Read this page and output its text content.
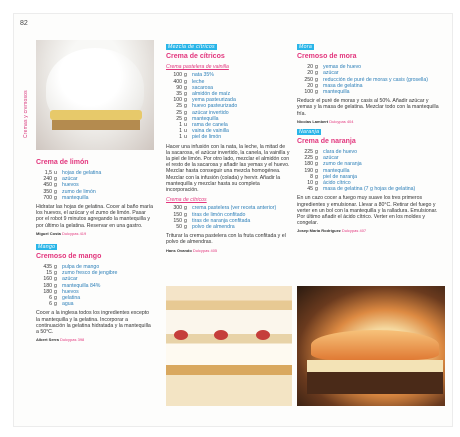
82
Cremas y cremosos
Crema de limón
1,5 u hojas de gelatina
240 g azúcar
450 g huevos
350 g zumo de limón
700 g mantequilla
Hidratar las hojas de gelatina. Cocer al baño maría los huevos, el azúcar y el zumo de limón. Pasar por el robot 9 minutos agregando la mantequilla y por último la gelatina. Reservar en una gastro.
Miguel Costa Dulcypas 419
Mango
Cremoso de mango
435 g pulpa de mango
15 g zumo fresco de jengibre
160 g azúcar
180 g mantequilla 84%
180 g huevos
6 g gelatina
6 g agua
Cocer a la inglesa todos los ingredientes excepto la mantequilla y la gelatina. Incorporar a continuación la gelatina hidratada y la mantequilla a 50°C.
Albert Serra Dulcypas 398
Mezcla de cítricos
Crema de cítricos
Crema pastelera de vainilla
100 g nata 35%
400 g leche
90 g sacarosa
35 g almidón de maíz
100 g yema pasteurizada
25 g huevo pasteurizado
25 g azúcar invertido
25 g mantequilla
1 u rama de canela
1 u vaina de vainilla
1 u piel de limón
Hacer una infusión con la nata, la leche, la mitad de la sacarosa, el azúcar invertido, la canela, la vainilla y la piel de limón. Por otro lado, mezclar el almidón con el resto de la sacarosa y añadir las yemas y el huevo. Mezclar hasta conseguir una mezcla homogénea. Mezclar con la infusión (colada) y hervir. Añadir la mantequilla y mezclar hasta su completa incorporación.
Crema de cítricos
300 g crema pastelera (ver receta anterior)
150 g tiras de limón confitado
150 g tiras de naranja confitada
50 g polvo de almendra
Triturar la crema pastelera con la fruta confitada y el polvo de almendras.
Hans Ovando Dulcypas 405
Mora
Cremoso de mora
20 g yemas de huevo
20 g azúcar
250 g reducción de puré de moras y casis (grosella)
20 g masa de gelatina
100 g mantequilla
Reducir el puré de moras y casis al 50%. Añadir azúcar y yemas y la masa de gelatina. Mezclar todo con la mantequilla fría.
Nicolas Lambert Dulcypas 404
Naranja
Crema de naranja
225 g clara de huevo
225 g azúcar
180 g zumo de naranja
190 g mantequilla
8 g piel de naranja
10 g ácido cítrico
45 g masa de gelatina (7 g hojas de gelatina)
En un cazo cocer a fuego muy suave los tres primeros ingredientes y emulsionar. Llevar a 80°C. Retirar del fuego y verter en un bol con la mantequilla y la ralladura. Emulsionar. Por último añadir el ácido cítrico. Verter en los moldes y congelar.
Josep Maria Rodríguez Dulcypas 407
